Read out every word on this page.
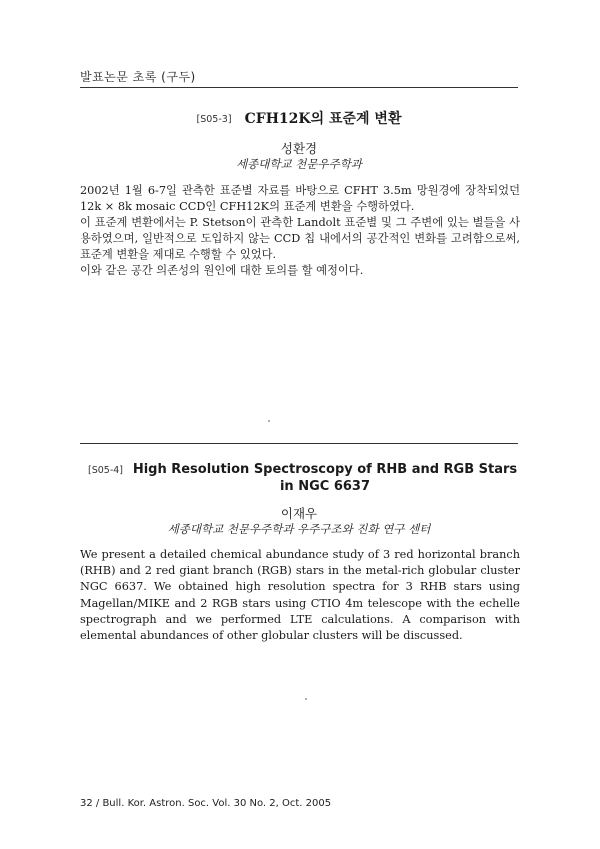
발표논문 초록 (구두)
[S05-3] CFH12K의 표준계 변환
성환경
세종대학교 천문우주학과

2002년 1월 6-7일 관측한 표준별 자료를 바탕으로 CFHT 3.5m 망원경에 장착되었던 12k × 8k mosaic CCD인 CFH12K의 표준계 변환을 수행하였다.

이 표준계 변환에서는 P. Stetson이 관측한 Landolt 표준별 및 그 주변에 있는 별들을 사용하였으며, 일반적으로 도입하지 않는 CCD 칩 내에서의 공간적인 변화를 고려함으로써, 표준계 변환을 제대로 수행할 수 있었다.

이와 같은 공간 의존성의 원인에 대한 토의를 할 예정이다.

[S05-4] High Resolution Spectroscopy of RHB and RGB Stars in NGC 6637
이재우
세종대학교 천문우주학과 우주구조와 진화 연구 센터

We present a detailed chemical abundance study of 3 red horizontal branch (RHB) and 2 red giant branch (RGB) stars in the metal-rich globular cluster NGC 6637. We obtained high resolution spectra for 3 RHB stars using Magellan/MIKE and 2 RGB stars using CTIO 4m telescope with the echelle spectrograph and we performed LTE calculations. A comparison with elemental abundances of other globular clusters will be discussed.

32 / Bull. Kor. Astron. Soc. Vol. 30 No. 2, Oct. 2005
